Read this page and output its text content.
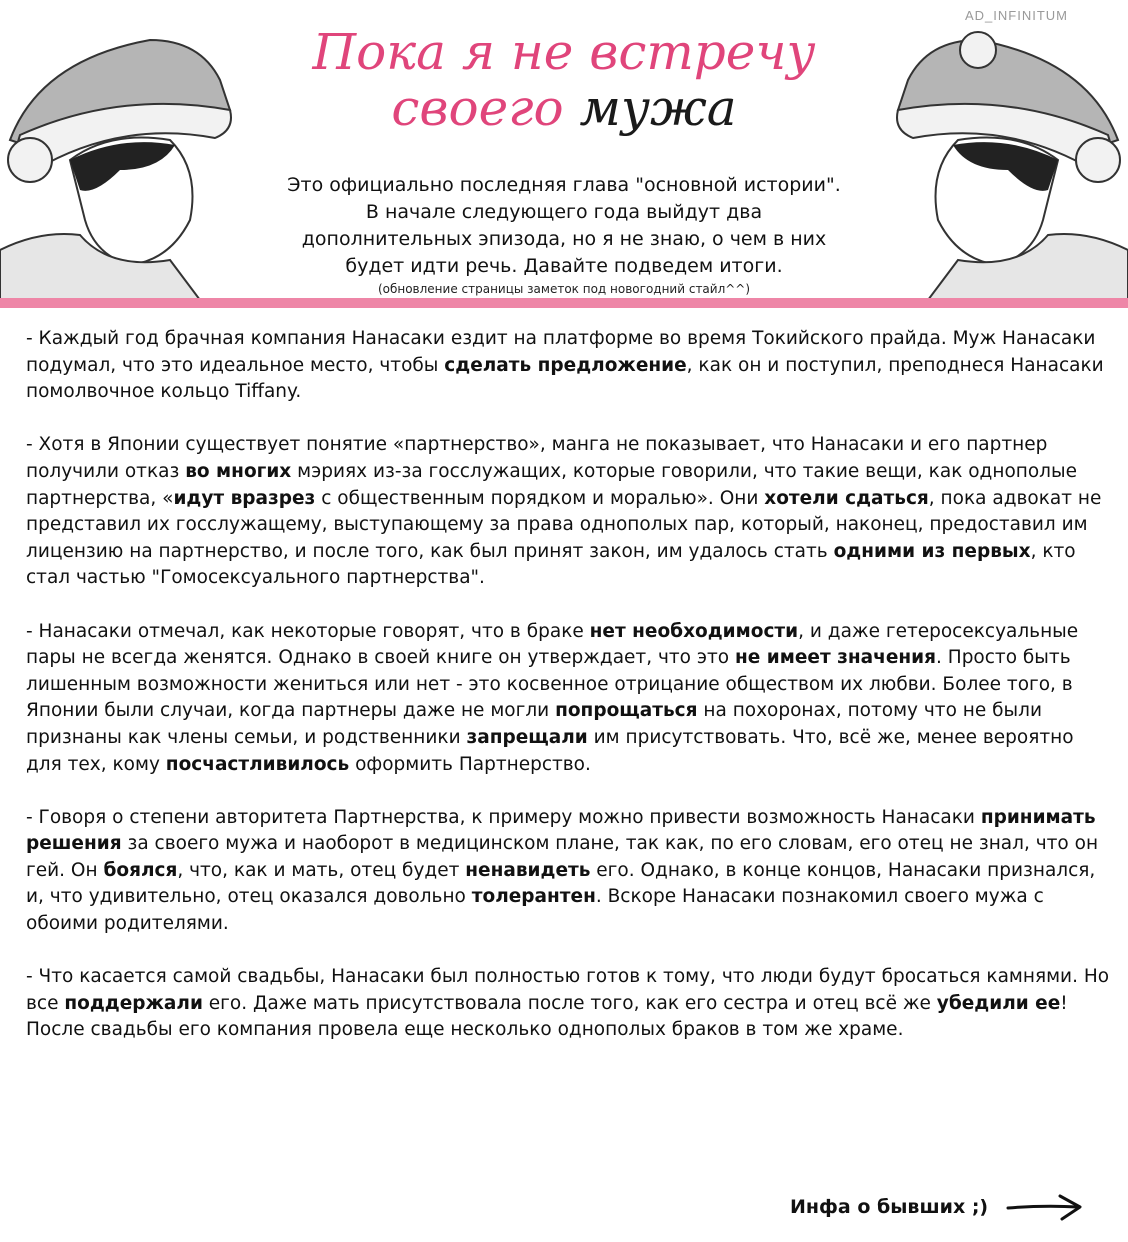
AD_INFINITUM
Пока я не встречу
своего мужа
Это официально последняя глава "основной истории".
В начале следующего года выйдут два
дополнительных эпизода, но я не знаю, о чем в них
будет идти речь. Давайте подведем итоги.
(обновление страницы заметок под новогодний стайл^^)

- Каждый год брачная компания Нанасаки ездит на платформе во время Токийского прайда. Муж Нанасаки подумал, что это идеальное место, чтобы сделать предложение, как он и поступил, преподнеся Нанасаки помолвочное кольцо Tiffany.

- Хотя в Японии существует понятие «партнерство», манга не показывает, что Нанасаки и его партнер получили отказ во многих мэриях из-за госслужащих, которые говорили, что такие вещи, как однополые партнерства, «идут вразрез с общественным порядком и моралью». Они хотели сдаться, пока адвокат не представил их госслужащему, выступающему за права однополых пар, который, наконец, предоставил им лицензию на партнерство, и после того, как был принят закон, им удалось стать одними из первых, кто стал частью "Гомосексуального партнерства".

- Нанасаки отмечал, как некоторые говорят, что в браке нет необходимости, и даже гетеросексуальные пары не всегда женятся. Однако в своей книге он утверждает, что это не имеет значения. Просто быть лишенным возможности жениться или нет - это косвенное отрицание обществом их любви. Более того, в Японии были случаи, когда партнеры даже не могли попрощаться на похоронах, потому что не были признаны как члены семьи, и родственники запрещали им присутствовать. Что, всё же, менее вероятно для тех, кому посчастливилось оформить Партнерство.

- Говоря о степени авторитета Партнерства, к примеру можно привести возможность Нанасаки принимать решения за своего мужа и наоборот в медицинском плане, так как, по его словам, его отец не знал, что он гей. Он боялся, что, как и мать, отец будет ненавидеть его. Однако, в конце концов, Нанасаки признался, и, что удивительно, отец оказался довольно толерантен. Вскоре Нанасаки познакомил своего мужа с обоими родителями.

- Что касается самой свадьбы, Нанасаки был полностью готов к тому, что люди будут бросаться камнями. Но все поддержали его. Даже мать присутствовала после того, как его сестра и отец всё же убедили ее! После свадьбы его компания провела еще несколько однополых браков в том же храме.

Инфа о бывших ;)
